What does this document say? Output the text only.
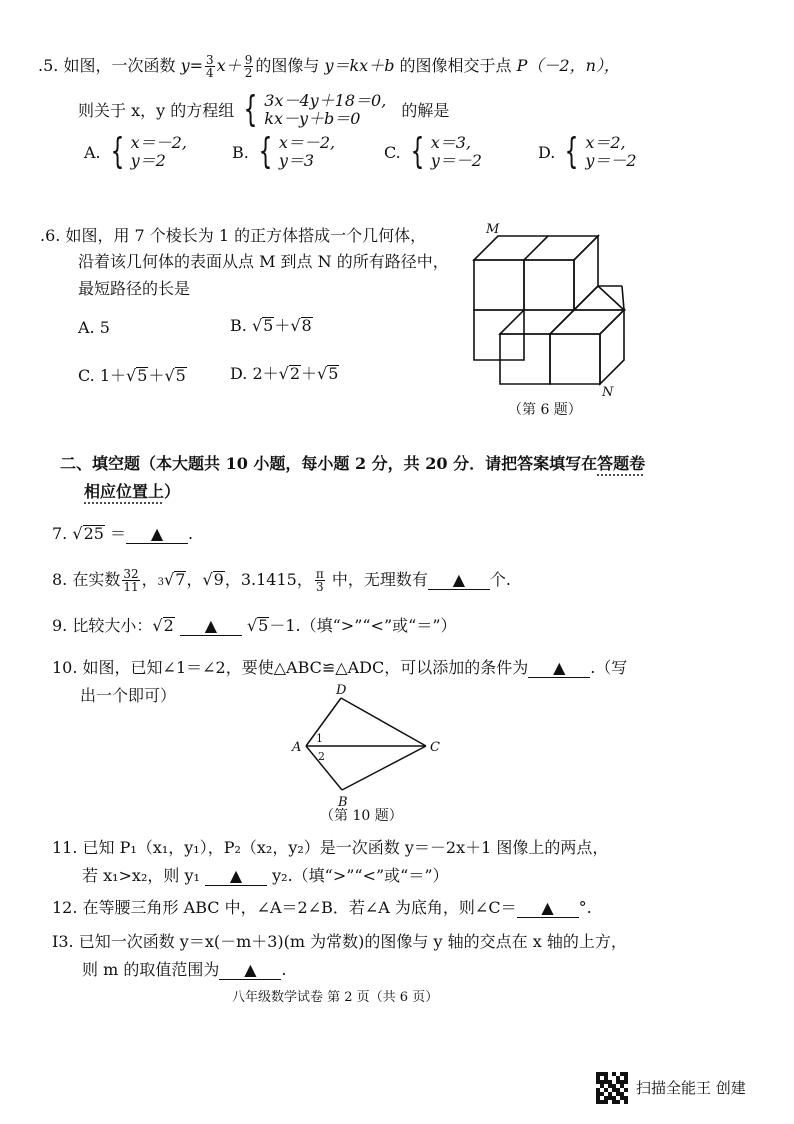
.5. 如图，一次函数 $y= \frac{3}{4} x+ \frac{9}{2}$ 的图像与 y＝kx＋b 的图像相交于点 P（－2，n），
则关于 x，y 的方程组 { 3x－4y＋18＝0,
kx－y＋b＝0	的解是
A. { x＝－2,
y＝2	B. { x＝－2,
y＝3	C. { x＝3,
y＝－2	D. { x＝2,
y＝－2
.6. 如图，用 7 个棱长为 1 的正方体搭成一个几何体，
沿着该几何体的表面从点 M 到点 N 的所有路径中，
最短路径的长是
A. 5	B. √ 5 ＋√ 8
C. 1＋√ 5 ＋√ 5	D. 2＋√ 2 ＋√ 5
M
N
（第 6 题）
二、填空题（本大题共 10 小题，每小题 2 分，共 20 分．请把答案填写在答题卷
相应位置上）
7. √ 25 ＝ ▲ .
8. 在实数 $\frac{32}{11}$ ， 3 √ 7 ，√ 9 ，3.1415， $\frac{\pi}{3}$ 中，无理数有 ▲ 个.
9. 比较大小：√ 2 ▲ √ 5 －1.（填“>”“<”或“＝”）
10. 如图，已知∠1＝∠2，要使△ABC≌△ADC，可以添加的条件为 ▲ .（写
出一个即可）	D
A	C
B
1
2
（第 10 题）
11. 已知 P₁（x₁，y₁），P₂（x₂，y₂）是一次函数 y＝－2x＋1 图像上的两点，
若 x₁>x₂，则 y₁ ▲ y₂.（填“>”“<”或“＝”）
12. 在等腰三角形 ABC 中，∠A＝2∠B．若∠A 为底角，则∠C＝ ▲ °.
I3. 已知一次函数 y＝x(－m＋3)(m 为常数)的图像与 y 轴的交点在 x 轴的上方，
则 m 的取值范围为 ▲ .
八年级数学试卷 第 2 页（共 6 页）
扫描全能王 创建
